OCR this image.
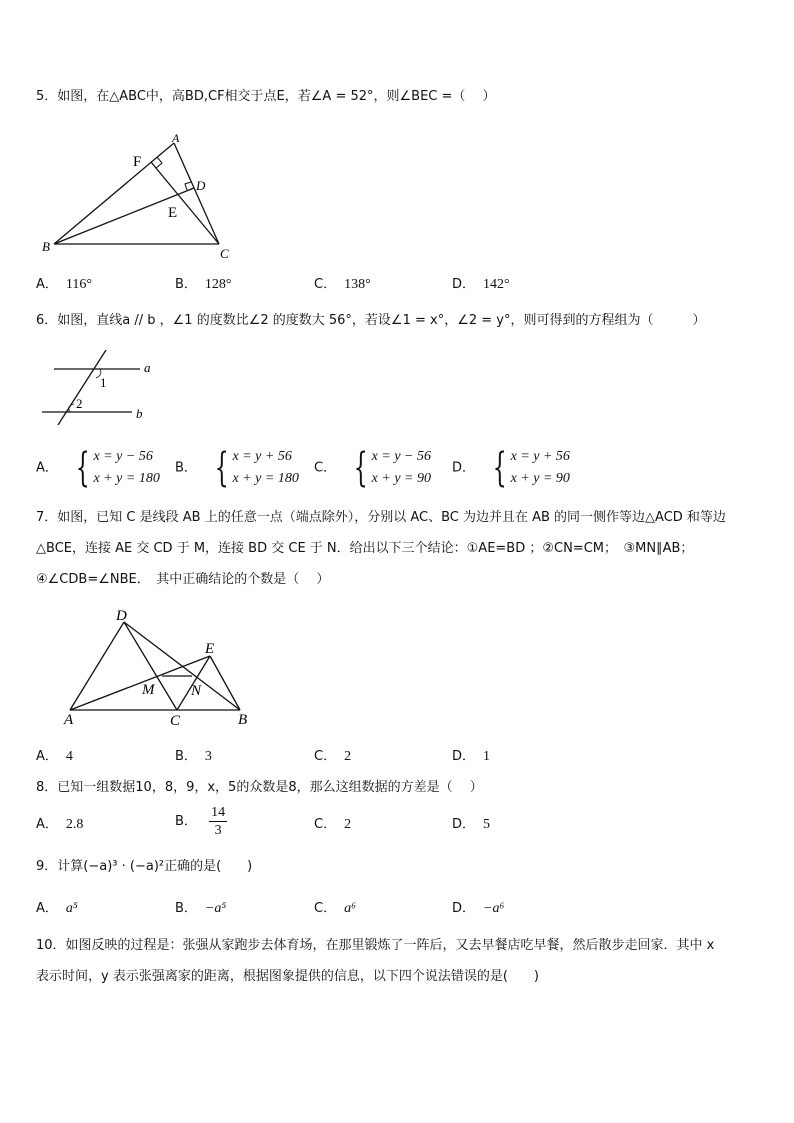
5．如图，在△ABC中，高BD,CF相交于点E，若∠A = 52°，则∠BEC =（　 ）
A
F
D
E
B	C
A． 116°	B． 128°	C． 138°	D． 142°
6．如图，直线a // b ，∠1 的度数比∠2 的度数大 56°，若设∠1 = x°，∠2 = y°，则可得到的方程组为（　　　）
a
b
1
2
A． { x = y − 56
x + y = 180
B． { x = y + 56
x + y = 180
C． { x = y − 56
x + y = 90
D． { x = y + 56
x + y = 90
7．如图，已知 C 是线段 AB 上的任意一点（端点除外），分别以 AC、BC 为边并且在 AB 的同一侧作等边△ACD 和等边
△BCE，连接 AE 交 CD 于 M，连接 BD 交 CE 于 N．给出以下三个结论：①AE=BD ；②CN=CM；　③MN∥AB；
④∠CDB=∠NBE．　其中正确结论的个数是（　 ）
D
E
M N
A	C	B
A． 4	B． 3	C． 2	D． 1
8．已知一组数据10，8，9，x，5的众数是8，那么这组数据的方差是（　 ）
A． 2.8	B． $\frac{14}{3}$	C． 2	D． 5
9．计算(−a)³ · (−a)²正确的是(　　)
A． a⁵	B． −a⁵	C． a⁶	D． −a⁶
10．如图反映的过程是：张强从家跑步去体育场，在那里锻炼了一阵后，又去早餐店吃早餐，然后散步走回家．其中 x
表示时间，y 表示张强离家的距离，根据图象提供的信息，以下四个说法错误的是(　　)
